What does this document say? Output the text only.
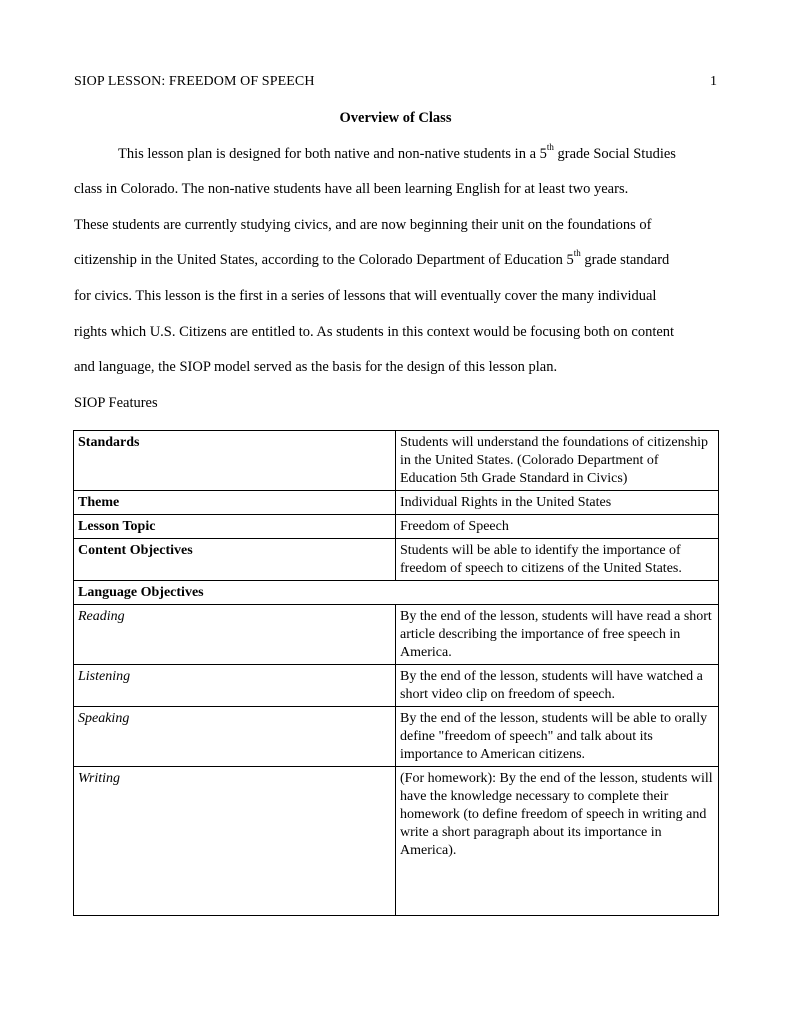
SIOP LESSON: FREEDOM OF SPEECH	1
Overview of Class
This lesson plan is designed for both native and non-native students in a 5th grade Social Studies
class in Colorado. The non-native students have all been learning English for at least two years.
These students are currently studying civics, and are now beginning their unit on the foundations of
citizenship in the United States, according to the Colorado Department of Education 5th grade standard
for civics. This lesson is the first in a series of lessons that will eventually cover the many individual
rights which U.S. Citizens are entitled to. As students in this context would be focusing both on content
and language, the SIOP model served as the basis for the design of this lesson plan.
SIOP Features
Standards	Students will understand the foundations of citizenship in the United States. (Colorado Department of Education 5th Grade Standard in Civics)
Theme	Individual Rights in the United States
Lesson Topic	Freedom of Speech
Content Objectives	Students will be able to identify the importance of freedom of speech to citizens of the United States.
Language Objectives	
Reading	By the end of the lesson, students will have read a short article describing the importance of free speech in America.
Listening	By the end of the lesson, students will have watched a short video clip on freedom of speech.
Speaking	By the end of the lesson, students will be able to orally define "freedom of speech" and talk about its importance to American citizens.
Writing	(For homework): By the end of the lesson, students will have the knowledge necessary to complete their homework (to define freedom of speech in writing and write a short paragraph about its importance in America).
